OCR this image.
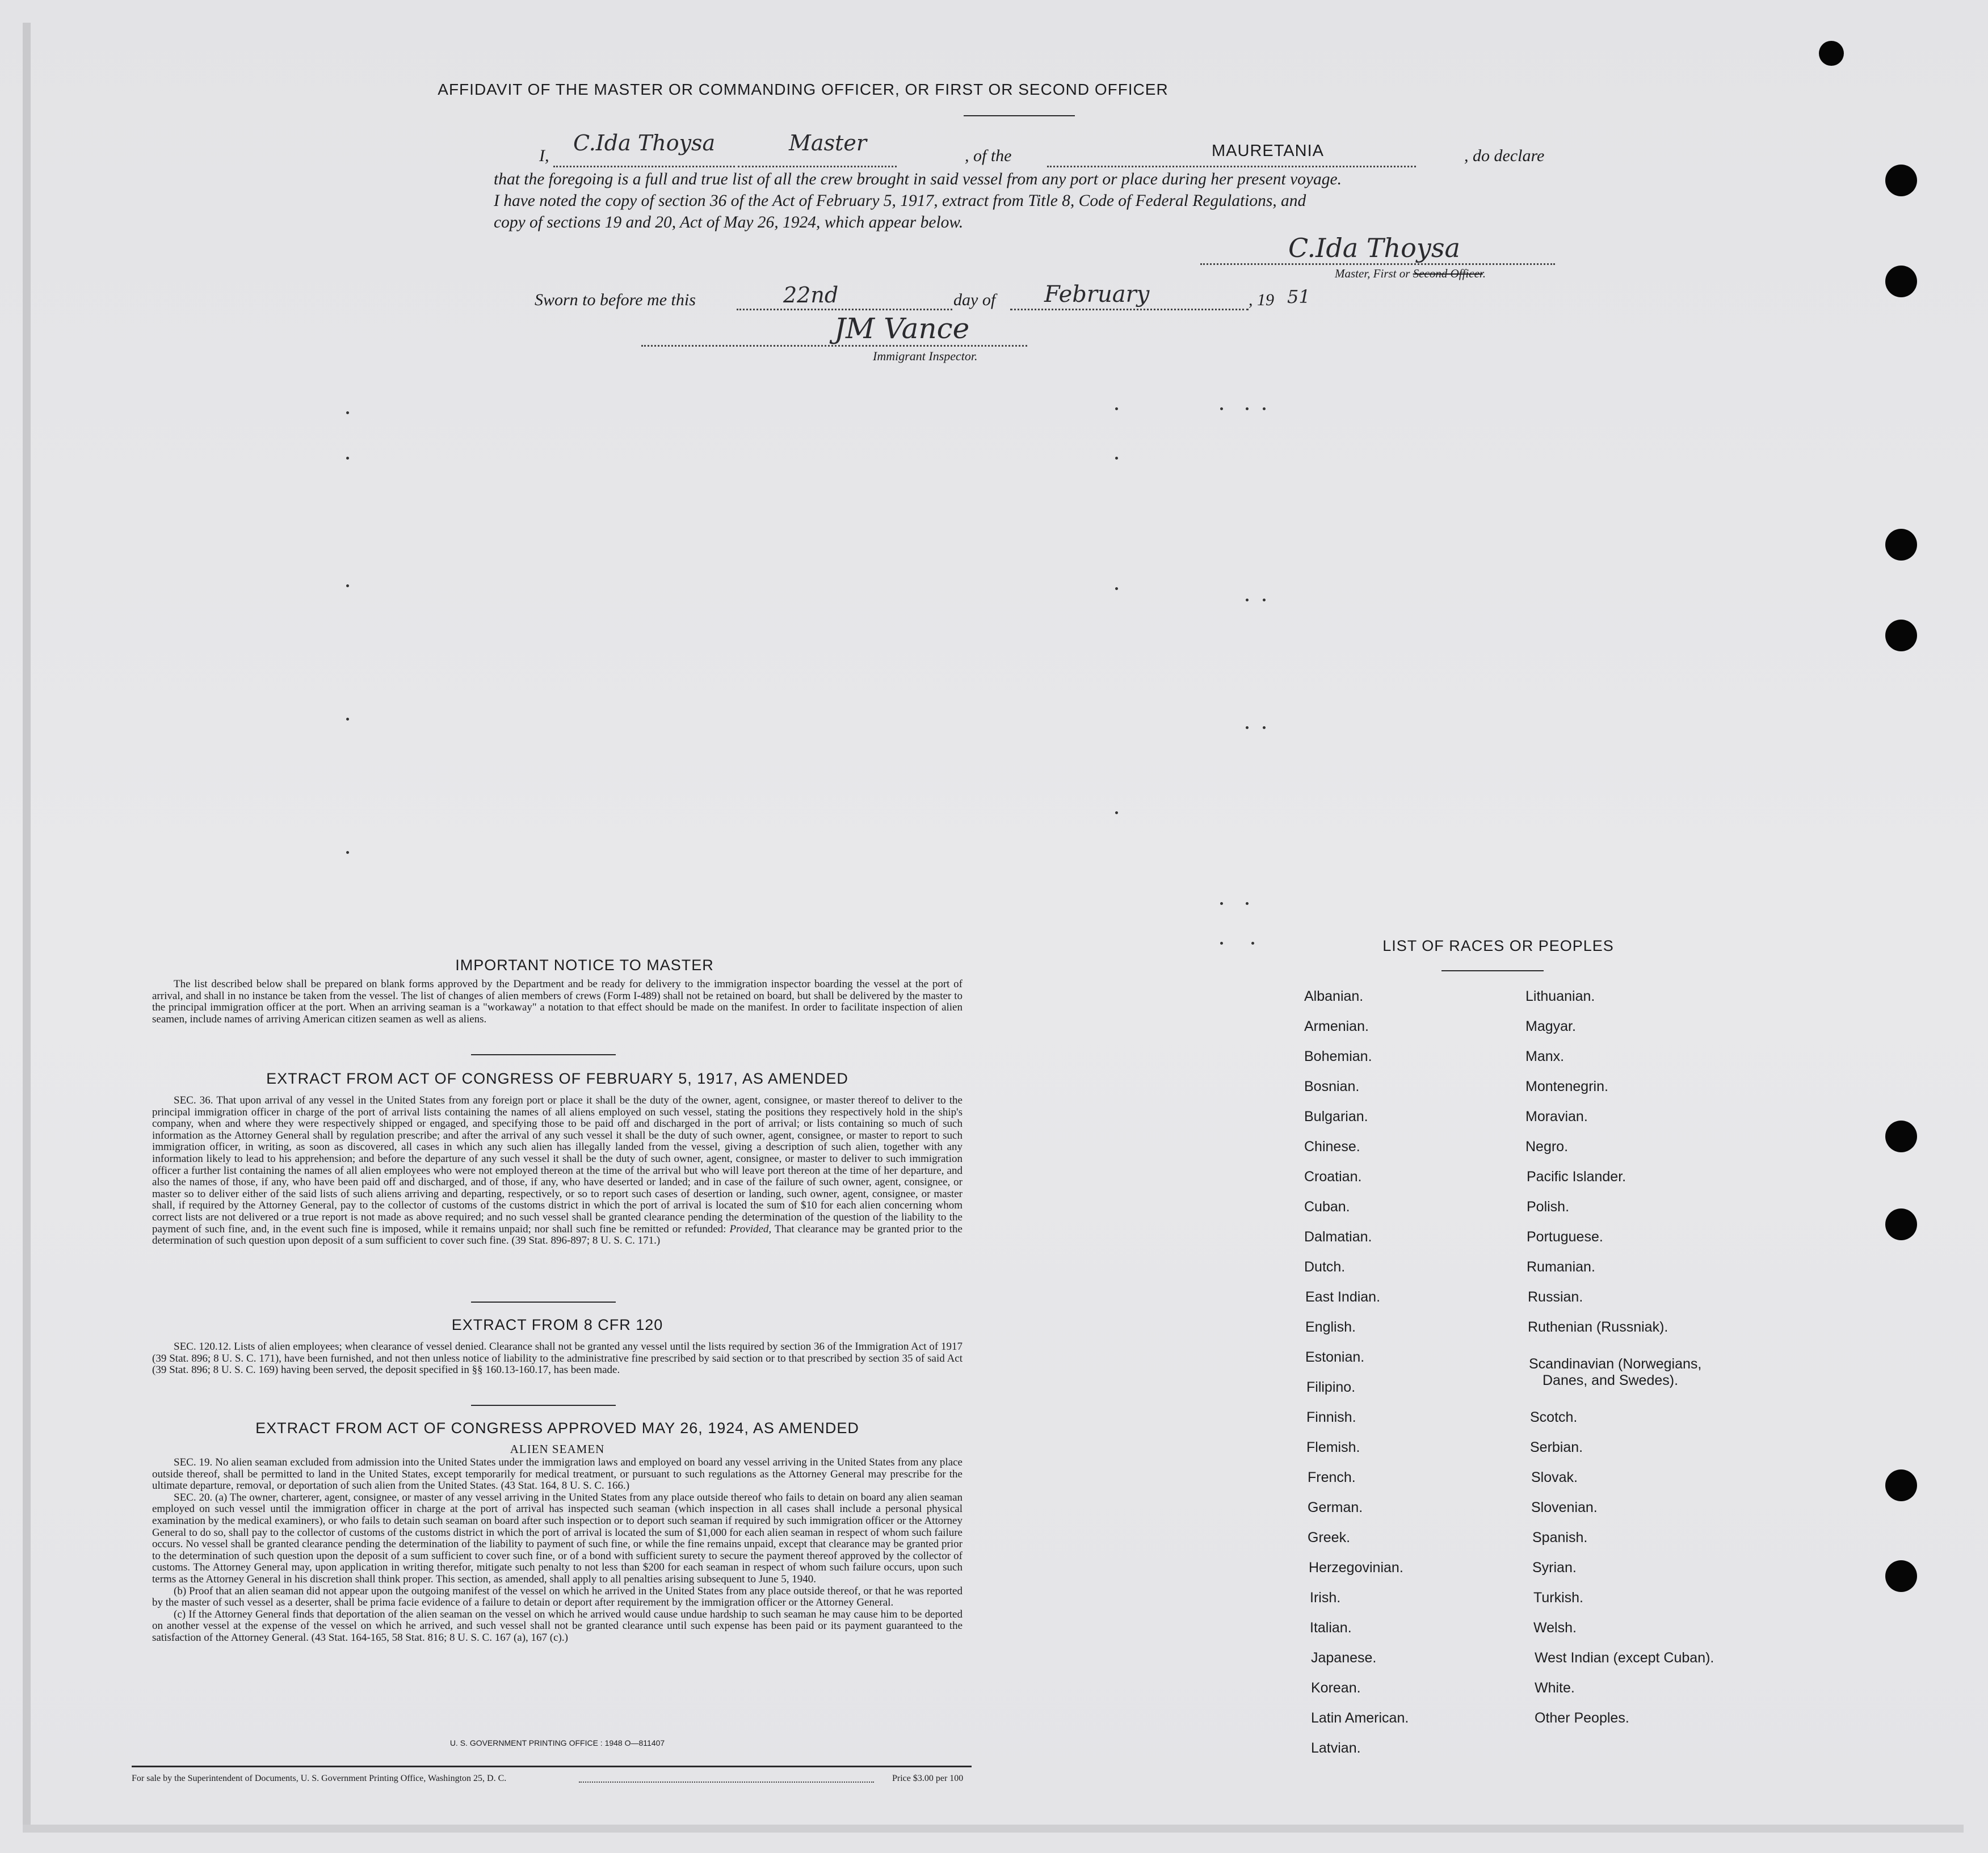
AFFIDAVIT OF THE MASTER OR COMMANDING OFFICER, OR FIRST OR SECOND OFFICER
I,
C.Ida Thoysa	Master
, of the	MAURETANIA	, do declare

that the foregoing is a full and true list of all the crew brought in said vessel from any port or place during her present voyage.

I have noted the copy of section 36 of the Act of February 5, 1917, extract from Title 8, Code of Federal Regulations, and

copy of sections 19 and 20, Act of May 26, 1924, which appear below.

C.Ida Thoysa
Master, First or Second Officer.
Sworn to before me this	22nd	day of February	, 19 51
JM Vance
Immigrant Inspector.
IMPORTANT NOTICE TO MASTER

The list described below shall be prepared on blank forms approved by the Department and be ready for delivery to the immigration inspector boarding the vessel at the port of arrival, and shall in no instance be taken from the vessel. The list of changes of alien members of crews (Form I-489) shall not be retained on board, but shall be delivered by the master to the principal immigration officer at the port. When an arriving seaman is a "workaway" a notation to that effect should be made on the manifest. In order to facilitate inspection of alien seamen, include names of arriving American citizen seamen as well as aliens.

EXTRACT FROM ACT OF CONGRESS OF FEBRUARY 5, 1917, AS AMENDED

SEC. 36. That upon arrival of any vessel in the United States from any foreign port or place it shall be the duty of the owner, agent, consignee, or master thereof to deliver to the principal immigration officer in charge of the port of arrival lists containing the names of all aliens employed on such vessel, stating the positions they respectively hold in the ship's company, when and where they were respectively shipped or engaged, and specifying those to be paid off and discharged in the port of arrival; or lists containing so much of such information as the Attorney General shall by regulation prescribe; and after the arrival of any such vessel it shall be the duty of such owner, agent, consignee, or master to report to such immigration officer, in writing, as soon as discovered, all cases in which any such alien has illegally landed from the vessel, giving a description of such alien, together with any information likely to lead to his apprehension; and before the departure of any such vessel it shall be the duty of such owner, agent, consignee, or master to deliver to such immigration officer a further list containing the names of all alien employees who were not employed thereon at the time of the arrival but who will leave port thereon at the time of her departure, and also the names of those, if any, who have been paid off and discharged, and of those, if any, who have deserted or landed; and in case of the failure of such owner, agent, consignee, or master so to deliver either of the said lists of such aliens arriving and departing, respectively, or so to report such cases of desertion or landing, such owner, agent, consignee, or master shall, if required by the Attorney General, pay to the collector of customs of the customs district in which the port of arrival is located the sum of $10 for each alien concerning whom correct lists are not delivered or a true report is not made as above required; and no such vessel shall be granted clearance pending the determination of the question of the liability to the payment of such fine, and, in the event such fine is imposed, while it remains unpaid; nor shall such fine be remitted or refunded: Provided, That clearance may be granted prior to the determination of such question upon deposit of a sum sufficient to cover such fine. (39 Stat. 896-897; 8 U. S. C. 171.)

EXTRACT FROM 8 CFR 120

SEC. 120.12. Lists of alien employees; when clearance of vessel denied. Clearance shall not be granted any vessel until the lists required by section 36 of the Immigration Act of 1917 (39 Stat. 896; 8 U. S. C. 171), have been furnished, and not then unless notice of liability to the administrative fine prescribed by said section or to that prescribed by section 35 of said Act (39 Stat. 896; 8 U. S. C. 169) having been served, the deposit specified in §§ 160.13-160.17, has been made.

EXTRACT FROM ACT OF CONGRESS APPROVED MAY 26, 1924, AS AMENDED
ALIEN SEAMEN

SEC. 19. No alien seaman excluded from admission into the United States under the immigration laws and employed on board any vessel arriving in the United States from any place outside thereof, shall be permitted to land in the United States, except temporarily for medical treatment, or pursuant to such regulations as the Attorney General may prescribe for the ultimate departure, removal, or deportation of such alien from the United States. (43 Stat. 164, 8 U. S. C. 166.)

SEC. 20. (a) The owner, charterer, agent, consignee, or master of any vessel arriving in the United States from any place outside thereof who fails to detain on board any alien seaman employed on such vessel until the immigration officer in charge at the port of arrival has inspected such seaman (which inspection in all cases shall include a personal physical examination by the medical examiners), or who fails to detain such seaman on board after such inspection or to deport such seaman if required by such immigration officer or the Attorney General to do so, shall pay to the collector of customs of the customs district in which the port of arrival is located the sum of $1,000 for each alien seaman in respect of whom such failure occurs. No vessel shall be granted clearance pending the determination of the liability to payment of such fine, or while the fine remains unpaid, except that clearance may be granted prior to the determination of such question upon the deposit of a sum sufficient to cover such fine, or of a bond with sufficient surety to secure the payment thereof approved by the collector of customs. The Attorney General may, upon application in writing therefor, mitigate such penalty to not less than $200 for each seaman in respect of whom such failure occurs, upon such terms as the Attorney General in his discretion shall think proper. This section, as amended, shall apply to all penalties arising subsequent to June 5, 1940.

(b) Proof that an alien seaman did not appear upon the outgoing manifest of the vessel on which he arrived in the United States from any place outside thereof, or that he was reported by the master of such vessel as a deserter, shall be prima facie evidence of a failure to detain or deport after requirement by the immigration officer or the Attorney General.

(c) If the Attorney General finds that deportation of the alien seaman on the vessel on which he arrived would cause undue hardship to such seaman he may cause him to be deported on another vessel at the expense of the vessel on which he arrived, and such vessel shall not be granted clearance until such expense has been paid or its payment guaranteed to the satisfaction of the Attorney General. (43 Stat. 164-165, 58 Stat. 816; 8 U. S. C. 167 (a), 167 (c).)

U. S. GOVERNMENT PRINTING OFFICE : 1948 O—811407
For sale by the Superintendent of Documents, U. S. Government Printing Office, Washington 25, D. C.	Price $3.00 per 100
LIST OF RACES OR PEOPLES
Albanian.
Armenian.
Bohemian.
Bosnian.
Bulgarian.
Chinese.
Croatian.
Cuban.
Dalmatian.
Dutch.
East Indian.
English.
Estonian.
Filipino.
Finnish.
Flemish.
French.
German.
Greek.
Herzegovinian.
Irish.
Italian.
Japanese.
Korean.
Latin American.
Latvian.
Lithuanian.
Magyar.
Manx.
Montenegrin.
Moravian.
Negro.
Pacific Islander.
Polish.
Portuguese.
Rumanian.
Russian.
Ruthenian (Russniak).
Scandinavian (Norwegians,
Danes, and Swedes).
Scotch.
Serbian.
Slovak.
Slovenian.
Spanish.
Syrian.
Turkish.
Welsh.
West Indian (except Cuban).
White.
Other Peoples.
